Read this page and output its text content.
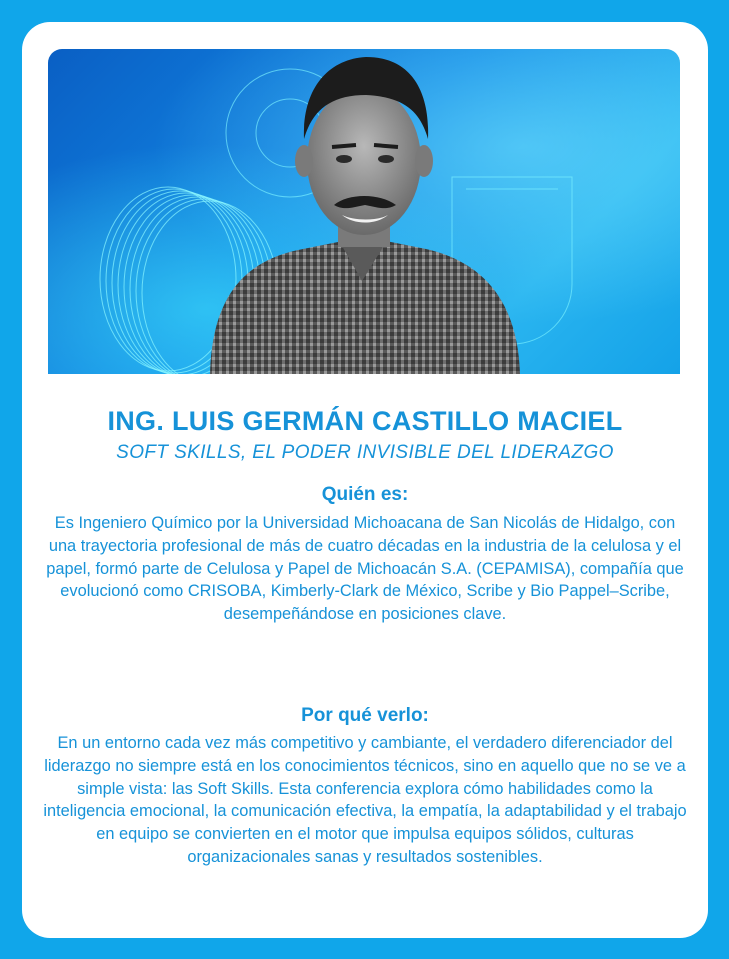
ING. LUIS GERMÁN CASTILLO MACIEL
SOFT SKILLS, EL PODER INVISIBLE DEL LIDERAZGO
Quién es:
Es Ingeniero Químico por la Universidad Michoacana de San Nicolás de Hidalgo, con una trayectoria profesional de más de cuatro décadas en la industria de la celulosa y el papel, formó parte de Celulosa y Papel de Michoacán S.A. (CEPAMISA), compañía que evolucionó como CRISOBA, Kimberly-Clark de México, Scribe y Bio Pappel–Scribe, desempeñándose en posiciones clave.
Por qué verlo:
En un entorno cada vez más competitivo y cambiante, el verdadero diferenciador del liderazgo no siempre está en los conocimientos técnicos, sino en aquello que no se ve a simple vista: las Soft Skills. Esta conferencia explora cómo habilidades como la inteligencia emocional, la comunicación efectiva, la empatía, la adaptabilidad y el trabajo en equipo se convierten en el motor que impulsa equipos sólidos, culturas organizacionales sanas y resultados sostenibles.
